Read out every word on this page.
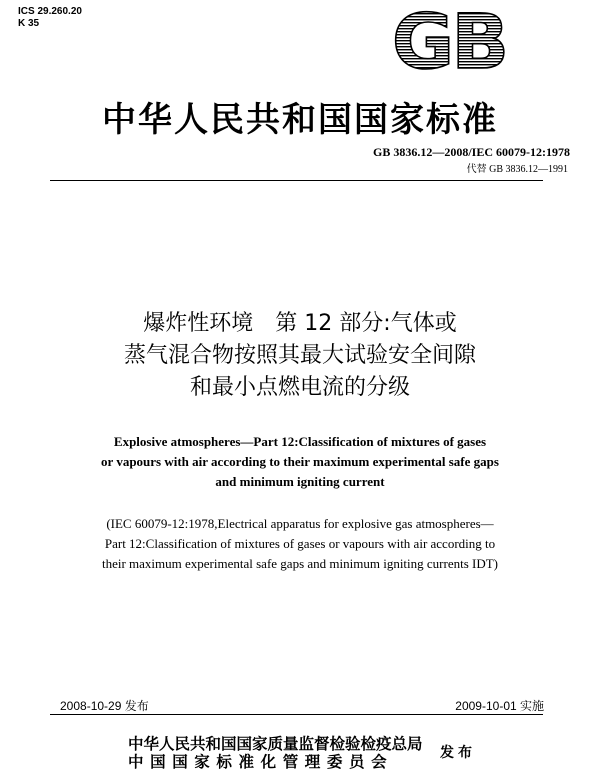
ICS 29.260.20
K 35	GB
中华人民共和国国家标准
GB 3836.12—2008/IEC 60079-12:1978
代替 GB 3836.12—1991
爆炸性环境　第 12 部分:气体或
蒸气混合物按照其最大试验安全间隙
和最小点燃电流的分级
Explosive atmospheres—Part 12:Classification of mixtures of gases
or vapours with air according to their maximum experimental safe gaps
and minimum igniting current
(IEC 60079-12:1978,Electrical apparatus for explosive gas atmospheres—
Part 12:Classification of mixtures of gases or vapours with air according to
their maximum experimental safe gaps and minimum igniting currents IDT)
2008-10-29 发布	2009-10-01 实施
中华人民共和国国家质量监督检验检疫总局
中国国家标准化管理委员会	发布
